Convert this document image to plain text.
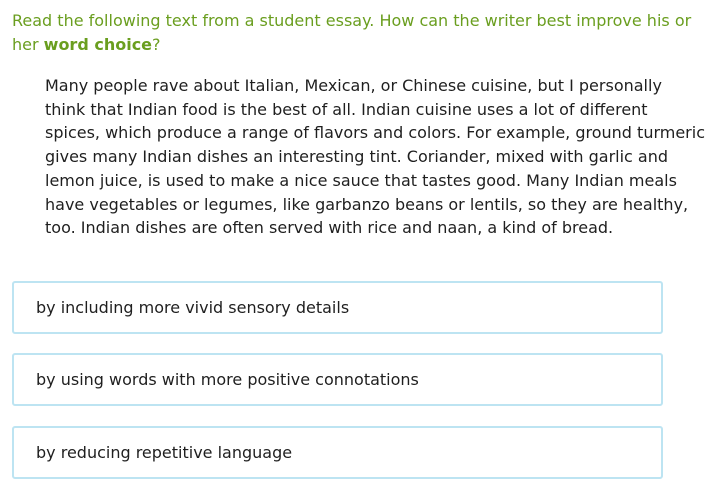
Read the following text from a student essay. How can the writer best improve his or her word choice?

Many people rave about Italian, Mexican, or Chinese cuisine, but I personally think that Indian food is the best of all. Indian cuisine uses a lot of different spices, which produce a range of flavors and colors. For example, ground turmeric gives many Indian dishes an interesting tint. Coriander, mixed with garlic and lemon juice, is used to make a nice sauce that tastes good. Many Indian meals have vegetables or legumes, like garbanzo beans or lentils, so they are healthy, too. Indian dishes are often served with rice and naan, a kind of bread.

by including more vivid sensory details
by using words with more positive connotations
by reducing repetitive language
